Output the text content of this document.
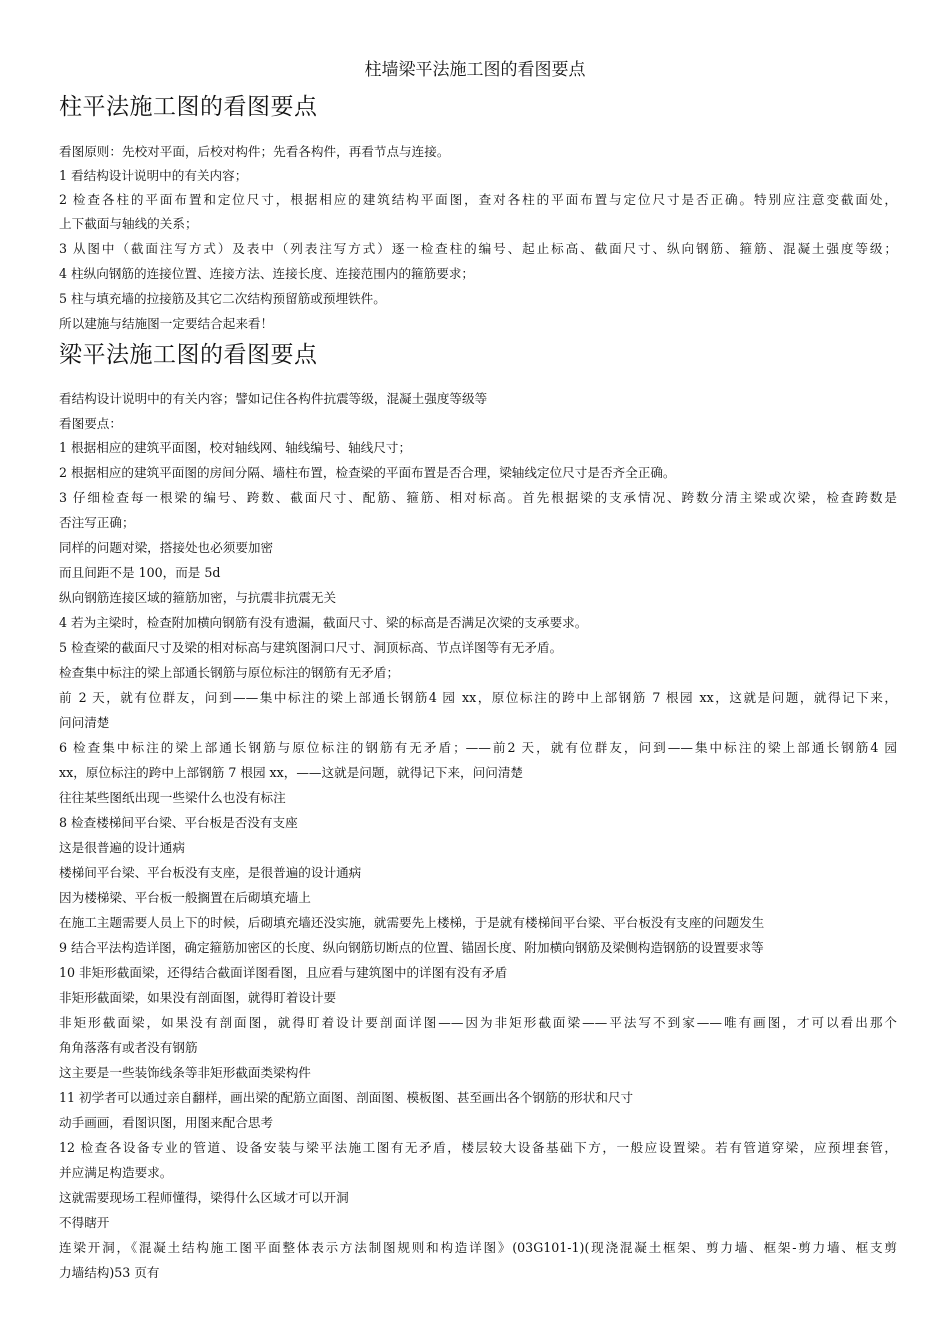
柱墙梁平法施工图的看图要点
柱平法施工图的看图要点
看图原则：先校对平面，后校对构件；先看各构件，再看节点与连接。
1 看结构设计说明中的有关内容；
2 检查各柱的平面布置和定位尺寸，根据相应的建筑结构平面图，查对各柱的平面布置与定位尺寸是否正确。特别应注意变截面处，
上下截面与轴线的关系；
3 从图中（截面注写方式）及表中（列表注写方式）逐一检查柱的编号、起止标高、截面尺寸、纵向钢筋、箍筋、混凝土强度等级；
4 柱纵向钢筋的连接位置、连接方法、连接长度、连接范围内的箍筋要求；
5 柱与填充墙的拉接筋及其它二次结构预留筋或预埋铁件。
所以建施与结施图一定要结合起来看！
梁平法施工图的看图要点
看结构设计说明中的有关内容；譬如记住各构件抗震等级，混凝土强度等级等
看图要点：
1 根据相应的建筑平面图，校对轴线网、轴线编号、轴线尺寸；
2 根据相应的建筑平面图的房间分隔、墙柱布置，检查梁的平面布置是否合理，梁轴线定位尺寸是否齐全正确。
3 仔细检查每一根梁的编号、跨数、截面尺寸、配筋、箍筋、相对标高。首先根据梁的支承情况、跨数分清主梁或次梁，检查跨数是
否注写正确；
同样的问题对梁，搭接处也必须要加密
而且间距不是 100，而是 5d
纵向钢筋连接区域的箍筋加密，与抗震非抗震无关
4 若为主梁时，检查附加横向钢筋有没有遗漏，截面尺寸、梁的标高是否满足次梁的支承要求。
5 检查梁的截面尺寸及梁的相对标高与建筑图洞口尺寸、洞顶标高、节点详图等有无矛盾。
检查集中标注的梁上部通长钢筋与原位标注的钢筋有无矛盾；
前 2 天，就有位群友，问到——集中标注的梁上部通长钢筋4 园 xx，原位标注的跨中上部钢筋 7 根园 xx，这就是问题，就得记下来，
问问清楚
6 检查集中标注的梁上部通长钢筋与原位标注的钢筋有无矛盾；——前2 天，就有位群友，问到——集中标注的梁上部通长钢筋4 园
xx，原位标注的跨中上部钢筋 7 根园 xx，——这就是问题，就得记下来，问问清楚
往往某些图纸出现一些梁什么也没有标注
8 检查楼梯间平台梁、平台板是否没有支座
这是很普遍的设计通病
楼梯间平台梁、平台板没有支座，是很普遍的设计通病
因为楼梯梁、平台板一般搁置在后砌填充墙上
在施工主题需要人员上下的时候，后砌填充墙还没实施，就需要先上楼梯，于是就有楼梯间平台梁、平台板没有支座的问题发生
9 结合平法构造详图，确定箍筋加密区的长度、纵向钢筋切断点的位置、锚固长度、附加横向钢筋及梁侧构造钢筋的设置要求等
10 非矩形截面梁，还得结合截面详图看图，且应看与建筑图中的详图有没有矛盾
非矩形截面梁，如果没有剖面图，就得盯着设计要
非矩形截面梁，如果没有剖面图，就得盯着设计要剖面详图——因为非矩形截面梁——平法写不到家——唯有画图，才可以看出那个
角角落落有或者没有钢筋
这主要是一些装饰线条等非矩形截面类梁构件
11 初学者可以通过亲自翻样，画出梁的配筋立面图、剖面图、模板图、甚至画出各个钢筋的形状和尺寸
动手画画，看图识图，用图来配合思考
12 检查各设备专业的管道、设备安装与梁平法施工图有无矛盾，楼层较大设备基础下方，一般应设置梁。若有管道穿梁，应预埋套管，
并应满足构造要求。
这就需要现场工程师懂得，梁得什么区域才可以开洞
不得瞎开
连梁开洞，《混凝土结构施工图平面整体表示方法制图规则和构造详图》(03G101-1)(现浇混凝土框架、剪力墙、框架-剪力墙、框支剪
力墙结构)53 页有
